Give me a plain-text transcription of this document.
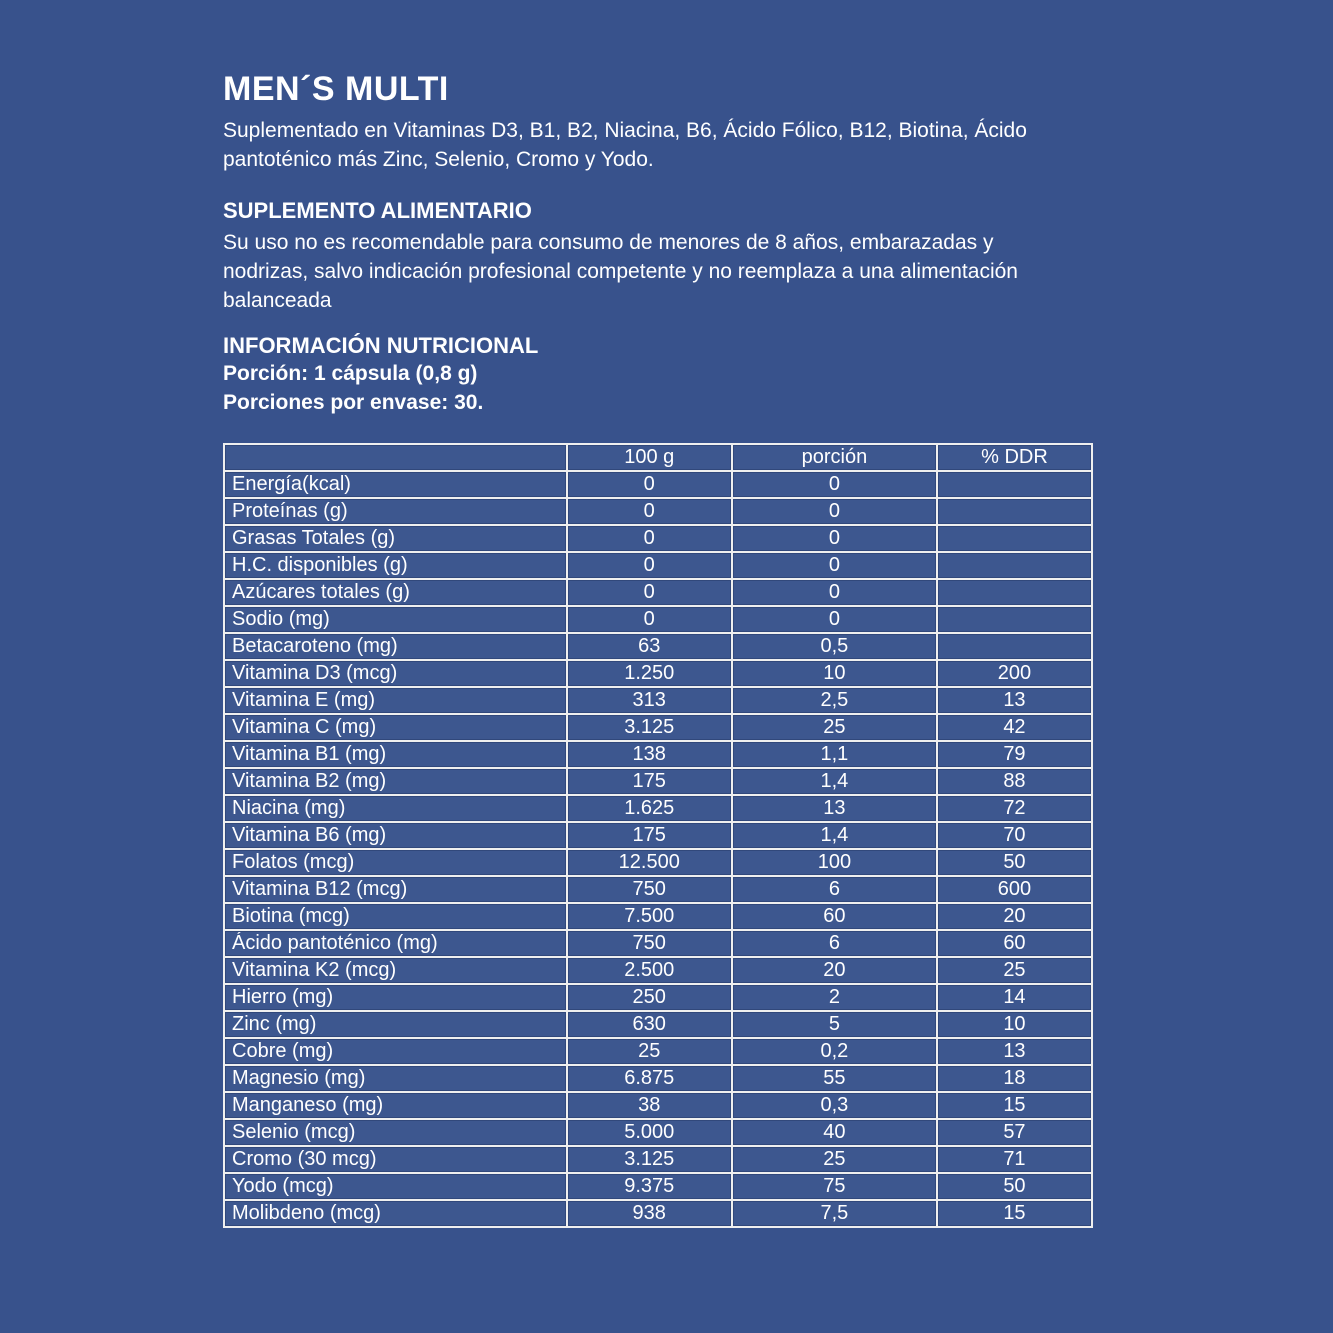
MEN´S MULTI

Suplementado en Vitaminas D3, B1, B2, Niacina, B6, Ácido Fólico, B12, Biotina, Ácido pantoténico más Zinc, Selenio, Cromo y Yodo.

SUPLEMENTO ALIMENTARIO

Su uso no es recomendable para consumo de menores de 8 años, embarazadas y nodrizas, salvo indicación profesional competente y no reemplaza a una alimentación balanceada

INFORMACIÓN NUTRICIONAL

Porción: 1 cápsula (0,8 g)

Porciones por envase: 30.

	100 g	porción	% DDR
Energía(kcal)	0	0	
Proteínas (g)	0	0	
Grasas Totales (g)	0	0	
H.C. disponibles (g)	0	0	
Azúcares totales (g)	0	0	
Sodio (mg)	0	0	
Betacaroteno (mg)	63	0,5	
Vitamina D3 (mcg)	1.250	10	200
Vitamina E (mg)	313	2,5	13
Vitamina C (mg)	3.125	25	42
Vitamina B1 (mg)	138	1,1	79
Vitamina B2 (mg)	175	1,4	88
Niacina (mg)	1.625	13	72
Vitamina B6 (mg)	175	1,4	70
Folatos (mcg)	12.500	100	50
Vitamina B12 (mcg)	750	6	600
Biotina (mcg)	7.500	60	20
Ácido pantoténico (mg)	750	6	60
Vitamina K2 (mcg)	2.500	20	25
Hierro (mg)	250	2	14
Zinc (mg)	630	5	10
Cobre (mg)	25	0,2	13
Magnesio (mg)	6.875	55	18
Manganeso (mg)	38	0,3	15
Selenio (mcg)	5.000	40	57
Cromo (30 mcg)	3.125	25	71
Yodo (mcg)	9.375	75	50
Molibdeno (mcg)	938	7,5	15
